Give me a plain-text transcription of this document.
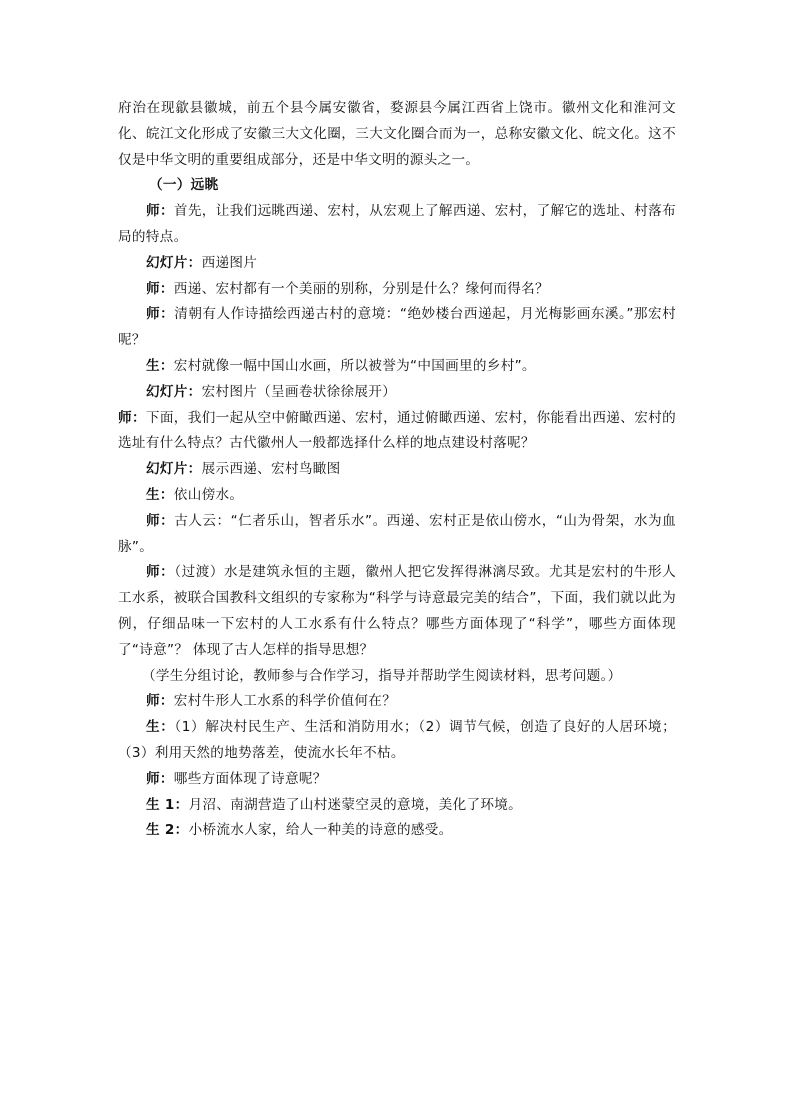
府治在现歙县徽城，前五个县今属安徽省，婺源县今属江西省上饶市。徽州文化和淮河文化、皖江文化形成了安徽三大文化圈，三大文化圈合而为一，总称安徽文化、皖文化。这不仅是中华文明的重要组成部分，还是中华文明的源头之一。

（一）远眺

师：首先，让我们远眺西递、宏村，从宏观上了解西递、宏村，了解它的选址、村落布局的特点。

幻灯片：西递图片

师：西递、宏村都有一个美丽的别称，分别是什么？缘何而得名？

师：清朝有人作诗描绘西递古村的意境：“绝妙楼台西递起，月光梅影画东溪。”那宏村呢？

生：宏村就像一幅中国山水画，所以被誉为“中国画里的乡村”。

幻灯片：宏村图片（呈画卷状徐徐展开）

师：下面，我们一起从空中俯瞰西递、宏村，通过俯瞰西递、宏村，你能看出西递、宏村的选址有什么特点？古代徽州人一般都选择什么样的地点建设村落呢？

幻灯片：展示西递、宏村鸟瞰图

生：依山傍水。

师：古人云：“仁者乐山，智者乐水”。西递、宏村正是依山傍水，“山为骨架，水为血脉”。

师：（过渡）水是建筑永恒的主题，徽州人把它发挥得淋漓尽致。尤其是宏村的牛形人工水系，被联合国教科文组织的专家称为“科学与诗意最完美的结合”，下面，我们就以此为例，仔细品味一下宏村的人工水系有什么特点？哪些方面体现了“科学”，哪些方面体现了“诗意”？ 体现了古人怎样的指导思想？

（学生分组讨论，教师参与合作学习，指导并帮助学生阅读材料，思考问题。）

师：宏村牛形人工水系的科学价值何在？

生：（1）解决村民生产、生活和消防用水；（2）调节气候，创造了良好的人居环境；（3）利用天然的地势落差，使流水长年不枯。

师：哪些方面体现了诗意呢？

生 1：月沼、南湖营造了山村迷蒙空灵的意境，美化了环境。

生 2：小桥流水人家，给人一种美的诗意的感受。
